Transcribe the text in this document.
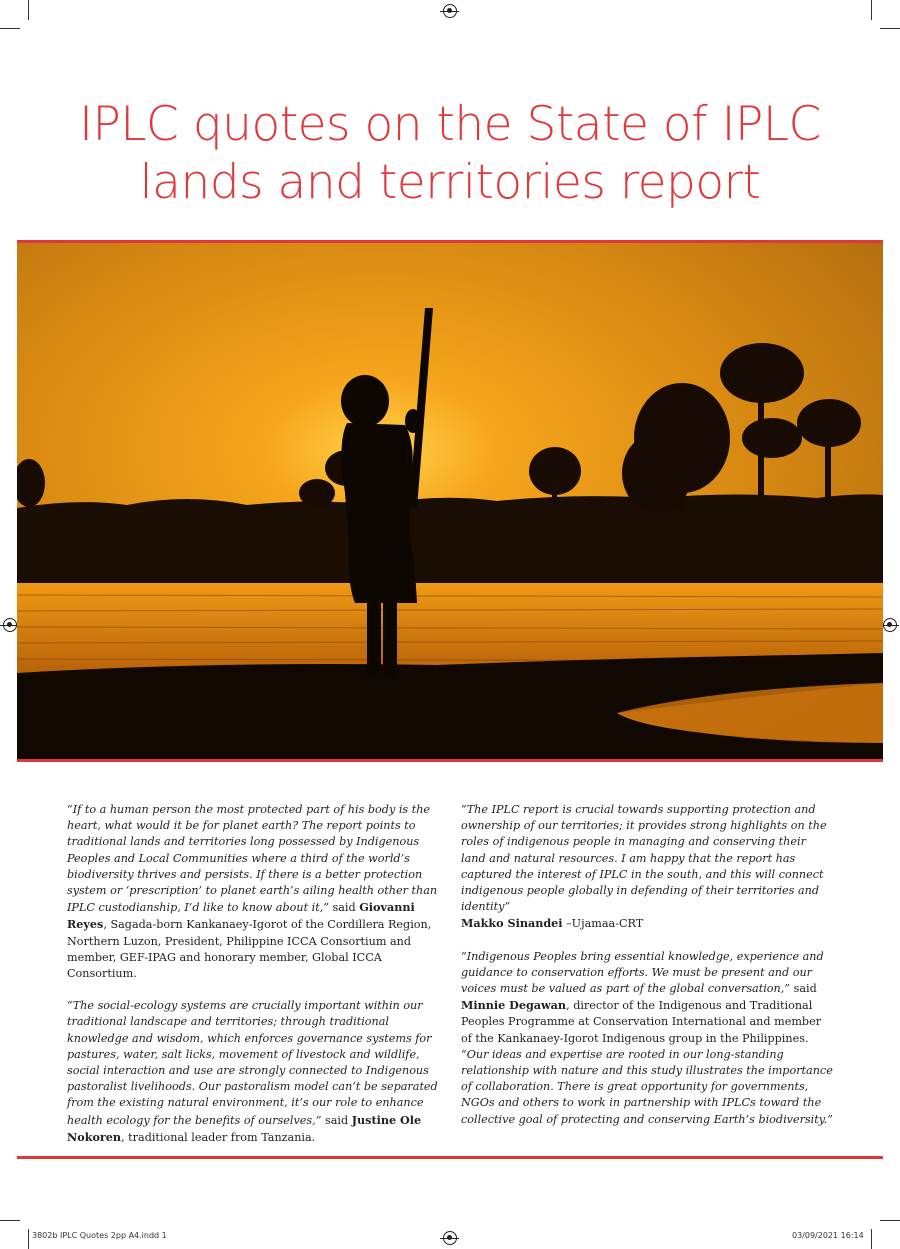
IPLC quotes on the State of IPLC
lands and territories report

“If to a human person the most protected part of his body is the heart, what would it be for planet earth? The report points to traditional lands and territories long possessed by Indigenous Peoples and Local Communities where a third of the world’s biodiversity thrives and persists. If there is a better protection system or ‘prescription’ to planet earth’s ailing health other than IPLC custodianship, I’d like to know about it,” said Giovanni Reyes, Sagada-born Kankanaey-Igorot of the Cordillera Region, Northern Luzon, President, Philippine ICCA Consortium and member, GEF-IPAG and honorary member, Global ICCA Consortium.

“The social-ecology systems are crucially important within our traditional landscape and territories; through traditional knowledge and wisdom, which enforces governance systems for pastures, water, salt licks, movement of livestock and wildlife, social interaction and use are strongly connected to Indigenous pastoralist livelihoods. Our pastoralism model can’t be separated from the existing natural environment, it’s our role to enhance health ecology for the benefits of ourselves,” said Justine Ole Nokoren, traditional leader from Tanzania.

“The IPLC report is crucial towards supporting protection and ownership of our territories; it provides strong highlights on the roles of indigenous people in managing and conserving their land and natural resources. I am happy that the report has captured the interest of IPLC in the south, and this will connect indigenous people globally in defending of their territories and identity”
Makko Sinandei –Ujamaa-CRT

“Indigenous Peoples bring essential knowledge, experience and guidance to conservation efforts. We must be present and our voices must be valued as part of the global conversation,” said Minnie Degawan, director of the Indigenous and Traditional Peoples Programme at Conservation International and member of the Kankanaey-Igorot Indigenous group in the Philippines. “Our ideas and expertise are rooted in our long-standing relationship with nature and this study illustrates the importance of collaboration. There is great opportunity for governments, NGOs and others to work in partnership with IPLCs toward the collective goal of protecting and conserving Earth’s biodiversity.”

3802b IPLC Quotes 2pp A4.indd 1	03/09/2021 16:14
